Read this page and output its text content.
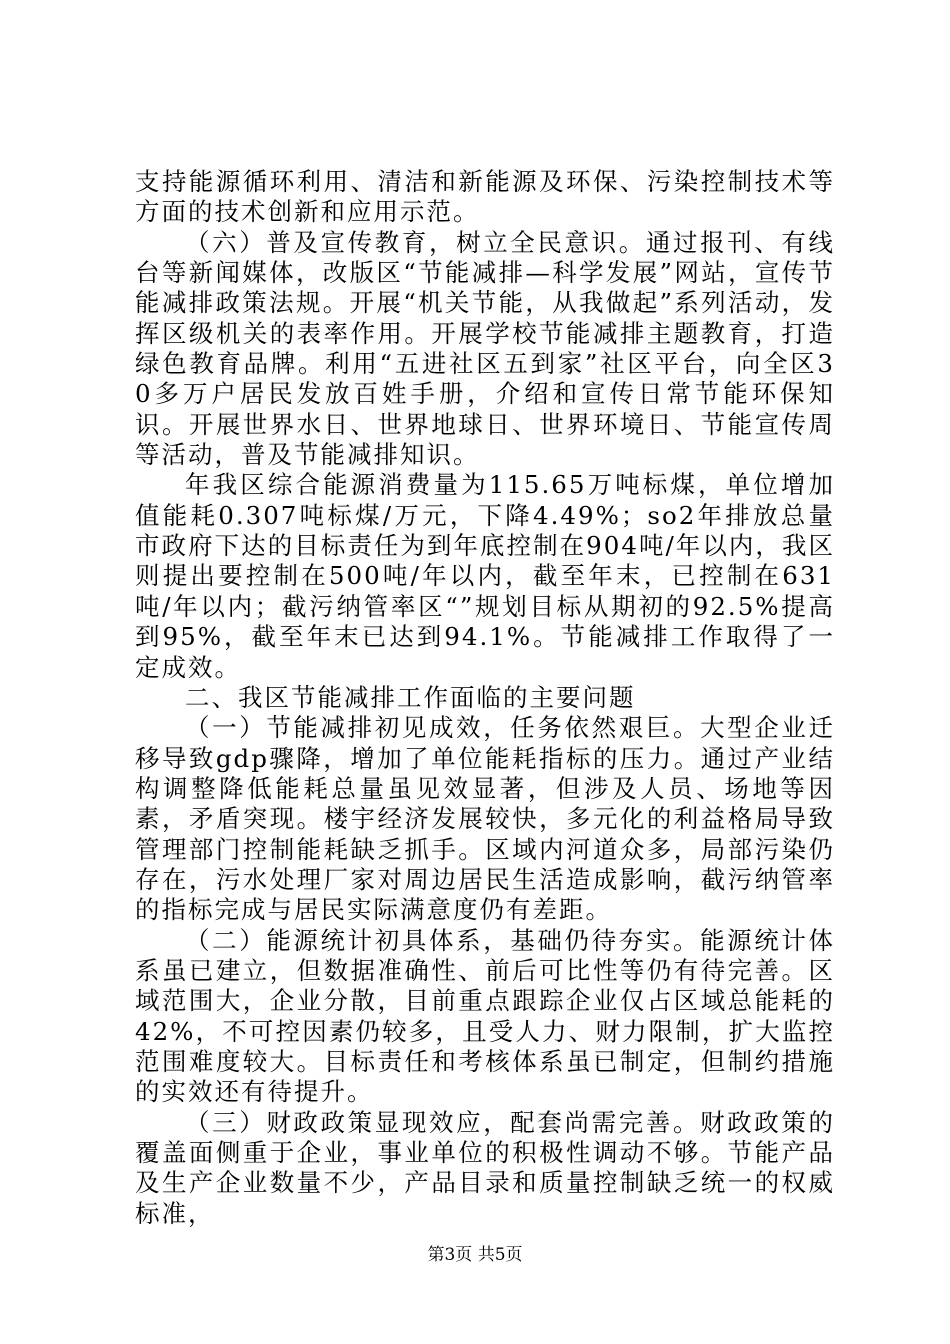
支持能源循环利用、清洁和新能源及环保、污染控制技术等方面的技术创新和应用示范。

（六）普及宣传教育，树立全民意识。通过报刊、有线台等新闻媒体，改版区“节能减排—科学发展”网站，宣传节能减排政策法规。开展“机关节能，从我做起”系列活动，发挥区级机关的表率作用。开展学校节能减排主题教育，打造绿色教育品牌。利用“五进社区五到家”社区平台，向全区30多万户居民发放百姓手册，介绍和宣传日常节能环保知识。开展世界水日、世界地球日、世界环境日、节能宣传周等活动，普及节能减排知识。

年我区综合能源消费量为115.65万吨标煤，单位增加值能耗0.307吨标煤/万元，下降4.49%；so2年排放总量市政府下达的目标责任为到年底控制在904吨/年以内，我区则提出要控制在500吨/年以内，截至年末，已控制在631吨/年以内；截污纳管率区“”规划目标从期初的92.5%提高到95%，截至年末已达到94.1%。节能减排工作取得了一定成效。

二、我区节能减排工作面临的主要问题

（一）节能减排初见成效，任务依然艰巨。大型企业迁移导致gdp骤降，增加了单位能耗指标的压力。通过产业结构调整降低能耗总量虽见效显著，但涉及人员、场地等因素，矛盾突现。楼宇经济发展较快，多元化的利益格局导致管理部门控制能耗缺乏抓手。区域内河道众多，局部污染仍存在，污水处理厂家对周边居民生活造成影响，截污纳管率的指标完成与居民实际满意度仍有差距。

（二）能源统计初具体系，基础仍待夯实。能源统计体系虽已建立，但数据准确性、前后可比性等仍有待完善。区域范围大，企业分散，目前重点跟踪企业仅占区域总能耗的42%，不可控因素仍较多，且受人力、财力限制，扩大监控范围难度较大。目标责任和考核体系虽已制定，但制约措施的实效还有待提升。

（三）财政政策显现效应，配套尚需完善。财政政策的覆盖面侧重于企业，事业单位的积极性调动不够。节能产品及生产企业数量不少，产品目录和质量控制缺乏统一的权威标准，

第3页 共5页
